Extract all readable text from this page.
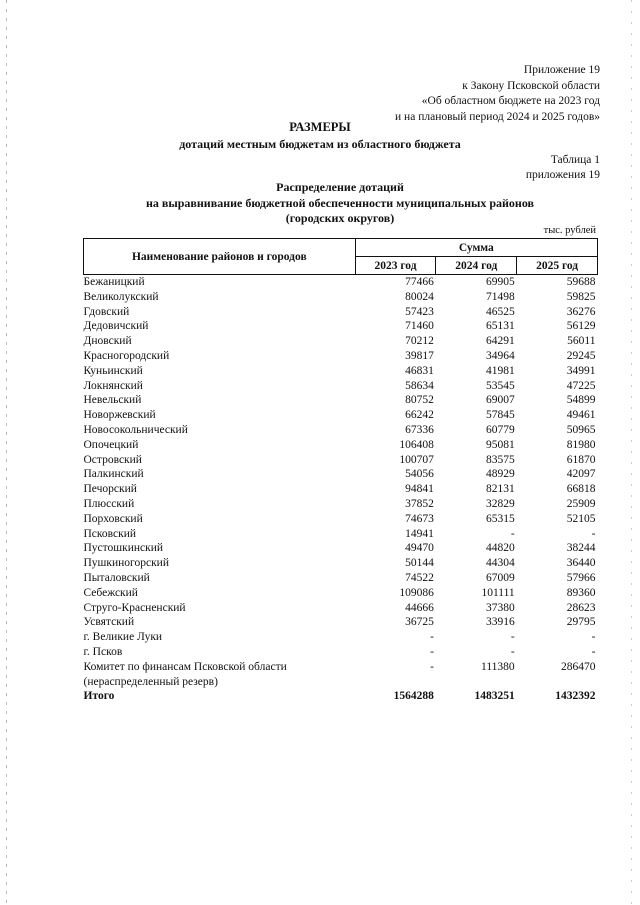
Приложение 19
к Закону Псковской области
«Об областном бюджете на 2023 год
и на плановый период 2024 и 2025 годов»
РАЗМЕРЫ
дотаций местным бюджетам из областного бюджета
Таблица 1
приложения 19
Распределение дотаций
на выравнивание бюджетной обеспеченности муниципальных районов
(городских округов)
тыс. рублей
Наименование районов и городов	Сумма		
	2023 год	2024 год	2025 год
Бежаницкий	77466	69905	59688
Великолукский	80024	71498	59825
Гдовский	57423	46525	36276
Дедовичский	71460	65131	56129
Дновский	70212	64291	56011
Красногородский	39817	34964	29245
Куньинский	46831	41981	34991
Локнянский	58634	53545	47225
Невельский	80752	69007	54899
Новоржевский	66242	57845	49461
Новосокольнический	67336	60779	50965
Опочецкий	106408	95081	81980
Островский	100707	83575	61870
Палкинский	54056	48929	42097
Печорский	94841	82131	66818
Плюсский	37852	32829	25909
Порховский	74673	65315	52105
Псковский	14941	-	-
Пустошкинский	49470	44820	38244
Пушкиногорский	50144	44304	36440
Пыталовский	74522	67009	57966
Себежский	109086	101111	89360
Струго-Красненский	44666	37380	28623
Усвятский	36725	33916	29795
г. Великие Луки	-	-	-
г. Псков	-	-	-
Комитет по финансам Псковской области	-	111380	286470
(нераспределенный резерв)			
Итого	1564288	1483251	1432392
